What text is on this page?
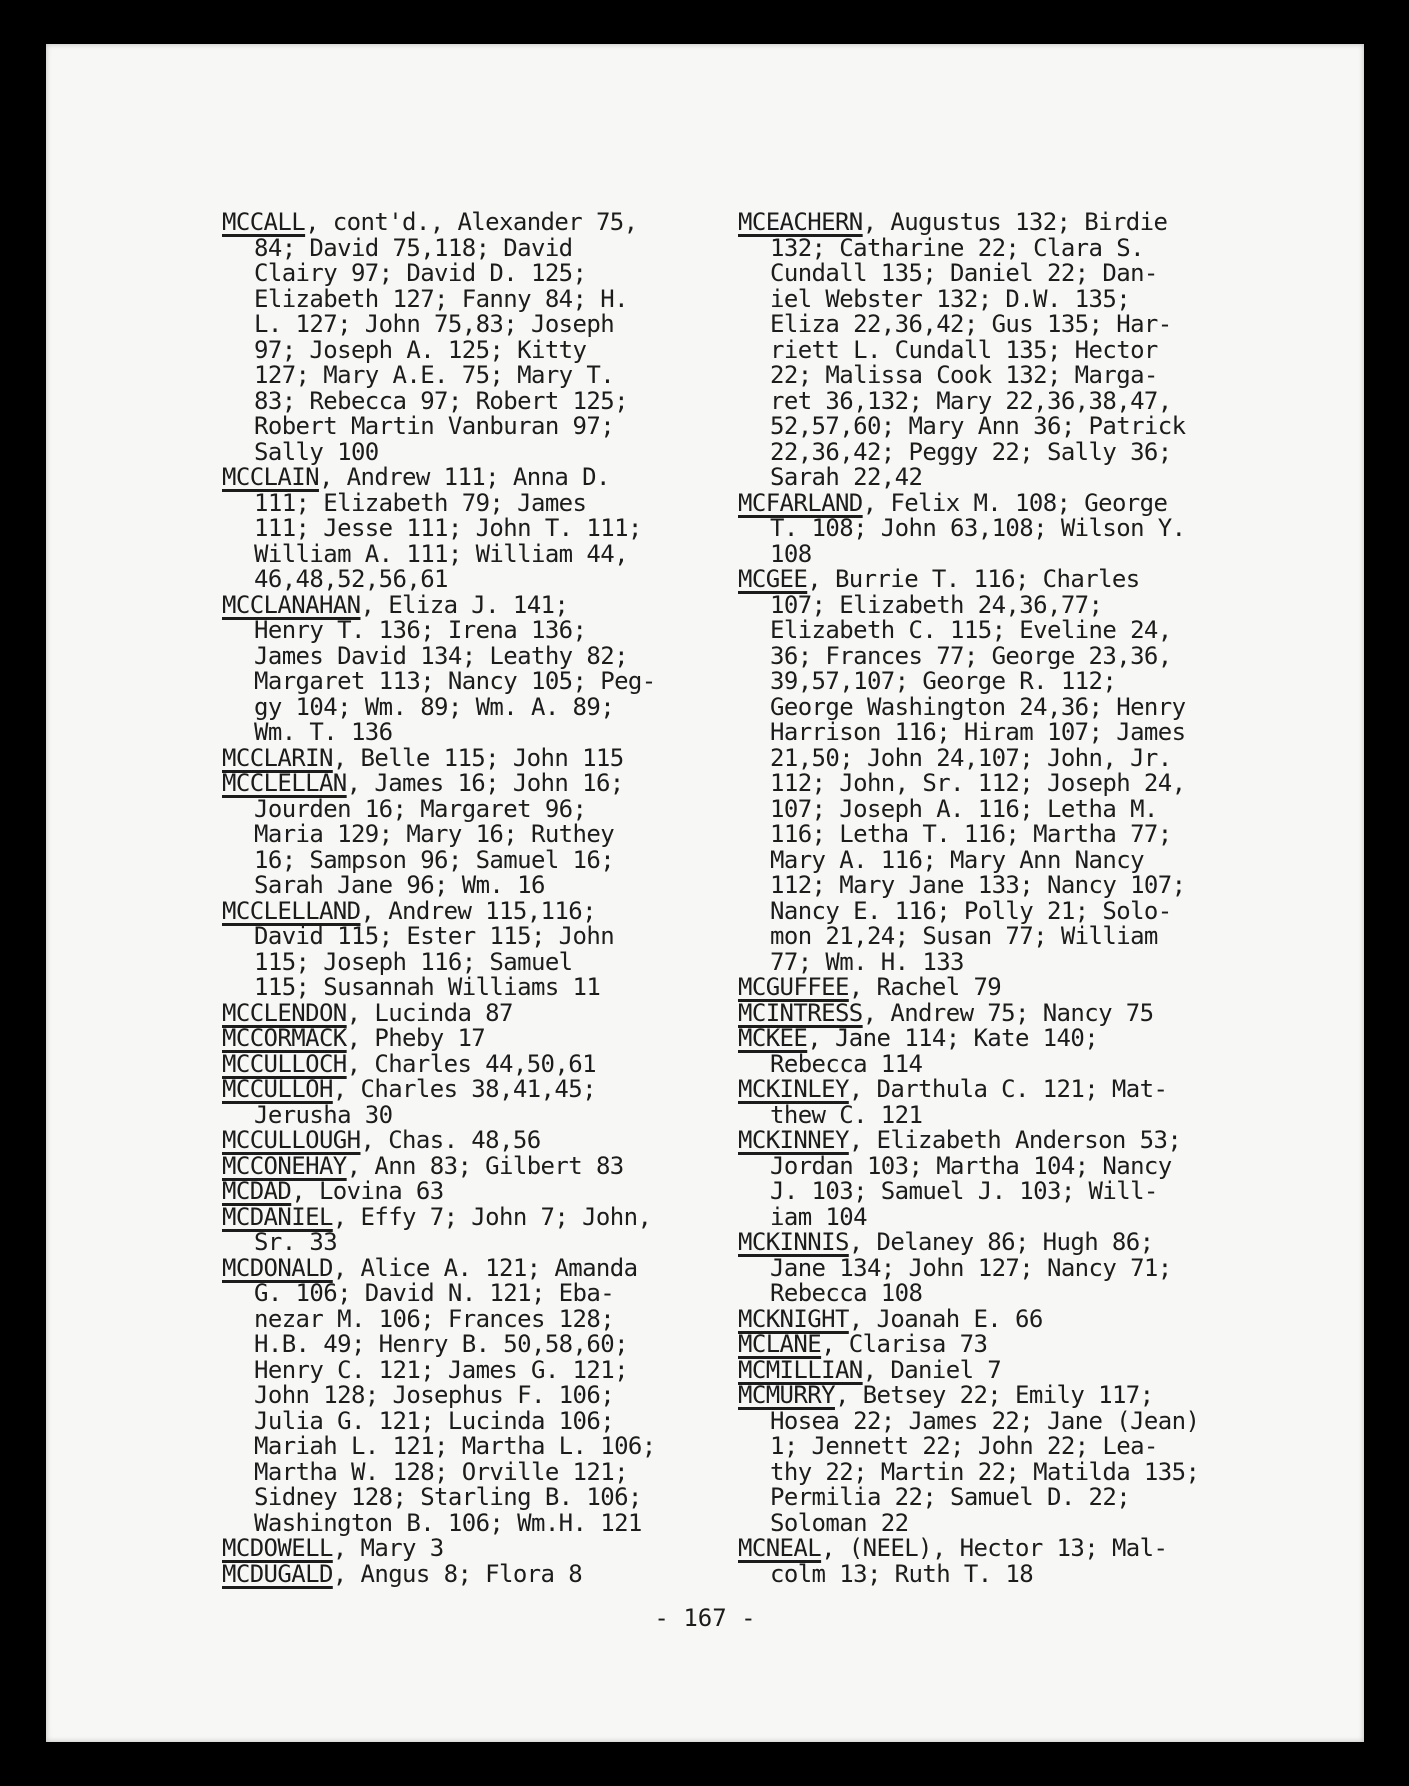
MCCALL, cont'd., Alexander 75,
84; David 75,118; David
Clairy 97; David D. 125;
Elizabeth 127; Fanny 84; H.
L. 127; John 75,83; Joseph
97; Joseph A. 125; Kitty
127; Mary A.E. 75; Mary T.
83; Rebecca 97; Robert 125;
Robert Martin Vanburan 97;
Sally 100
MCCLAIN, Andrew 111; Anna D.
111; Elizabeth 79; James
111; Jesse 111; John T. 111;
William A. 111; William 44,
46,48,52,56,61
MCCLANAHAN, Eliza J. 141;
Henry T. 136; Irena 136;
James David 134; Leathy 82;
Margaret 113; Nancy 105; Peg-
gy 104; Wm. 89; Wm. A. 89;
Wm. T. 136
MCCLARIN, Belle 115; John 115
MCCLELLAN, James 16; John 16;
Jourden 16; Margaret 96;
Maria 129; Mary 16; Ruthey
16; Sampson 96; Samuel 16;
Sarah Jane 96; Wm. 16
MCCLELLAND, Andrew 115,116;
David 115; Ester 115; John
115; Joseph 116; Samuel
115; Susannah Williams 11
MCCLENDON, Lucinda 87
MCCORMACK, Pheby 17
MCCULLOCH, Charles 44,50,61
MCCULLOH, Charles 38,41,45;
Jerusha 30
MCCULLOUGH, Chas. 48,56
MCCONEHAY, Ann 83; Gilbert 83
MCDAD, Lovina 63
MCDANIEL, Effy 7; John 7; John,
Sr. 33
MCDONALD, Alice A. 121; Amanda
G. 106; David N. 121; Eba-
nezar M. 106; Frances 128;
H.B. 49; Henry B. 50,58,60;
Henry C. 121; James G. 121;
John 128; Josephus F. 106;
Julia G. 121; Lucinda 106;
Mariah L. 121; Martha L. 106;
Martha W. 128; Orville 121;
Sidney 128; Starling B. 106;
Washington B. 106; Wm.H. 121
MCDOWELL, Mary 3
MCDUGALD, Angus 8; Flora 8
MCEACHERN, Augustus 132; Birdie
132; Catharine 22; Clara S.
Cundall 135; Daniel 22; Dan-
iel Webster 132; D.W. 135;
Eliza 22,36,42; Gus 135; Har-
riett L. Cundall 135; Hector
22; Malissa Cook 132; Marga-
ret 36,132; Mary 22,36,38,47,
52,57,60; Mary Ann 36; Patrick
22,36,42; Peggy 22; Sally 36;
Sarah 22,42
MCFARLAND, Felix M. 108; George
T. 108; John 63,108; Wilson Y.
108
MCGEE, Burrie T. 116; Charles
107; Elizabeth 24,36,77;
Elizabeth C. 115; Eveline 24,
36; Frances 77; George 23,36,
39,57,107; George R. 112;
George Washington 24,36; Henry
Harrison 116; Hiram 107; James
21,50; John 24,107; John, Jr.
112; John, Sr. 112; Joseph 24,
107; Joseph A. 116; Letha M.
116; Letha T. 116; Martha 77;
Mary A. 116; Mary Ann Nancy
112; Mary Jane 133; Nancy 107;
Nancy E. 116; Polly 21; Solo-
mon 21,24; Susan 77; William
77; Wm. H. 133
MCGUFFEE, Rachel 79
MCINTRESS, Andrew 75; Nancy 75
MCKEE, Jane 114; Kate 140;
Rebecca 114
MCKINLEY, Darthula C. 121; Mat-
thew C. 121
MCKINNEY, Elizabeth Anderson 53;
Jordan 103; Martha 104; Nancy
J. 103; Samuel J. 103; Will-
iam 104
MCKINNIS, Delaney 86; Hugh 86;
Jane 134; John 127; Nancy 71;
Rebecca 108
MCKNIGHT, Joanah E. 66
MCLANE, Clarisa 73
MCMILLIAN, Daniel 7
MCMURRY, Betsey 22; Emily 117;
Hosea 22; James 22; Jane (Jean)
1; Jennett 22; John 22; Lea-
thy 22; Martin 22; Matilda 135;
Permilia 22; Samuel D. 22;
Soloman 22
MCNEAL, (NEEL), Hector 13; Mal-
colm 13; Ruth T. 18
- 167 -
